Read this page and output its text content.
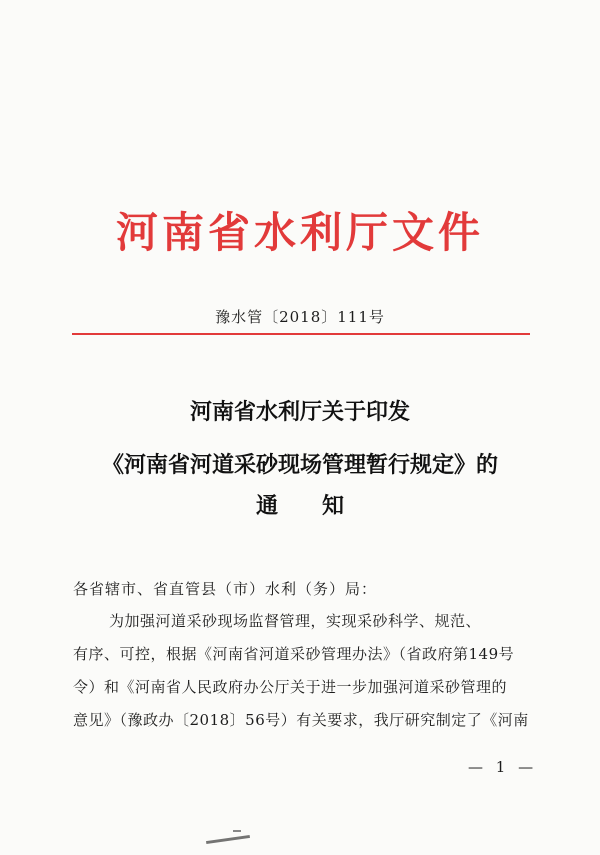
河南省水利厅文件
豫水管〔2018〕111号
河南省水利厅关于印发
《河南省河道采砂现场管理暂行规定》的
通　　知
各省辖市、省直管县（市）水利（务）局：
为加强河道采砂现场监督管理，实现采砂科学、规范、
有序、可控，根据《河南省河道采砂管理办法》（省政府第149号
令）和《河南省人民政府办公厅关于进一步加强河道采砂管理的
意见》（豫政办〔2018〕56号）有关要求，我厅研究制定了《河南
— 1 —
